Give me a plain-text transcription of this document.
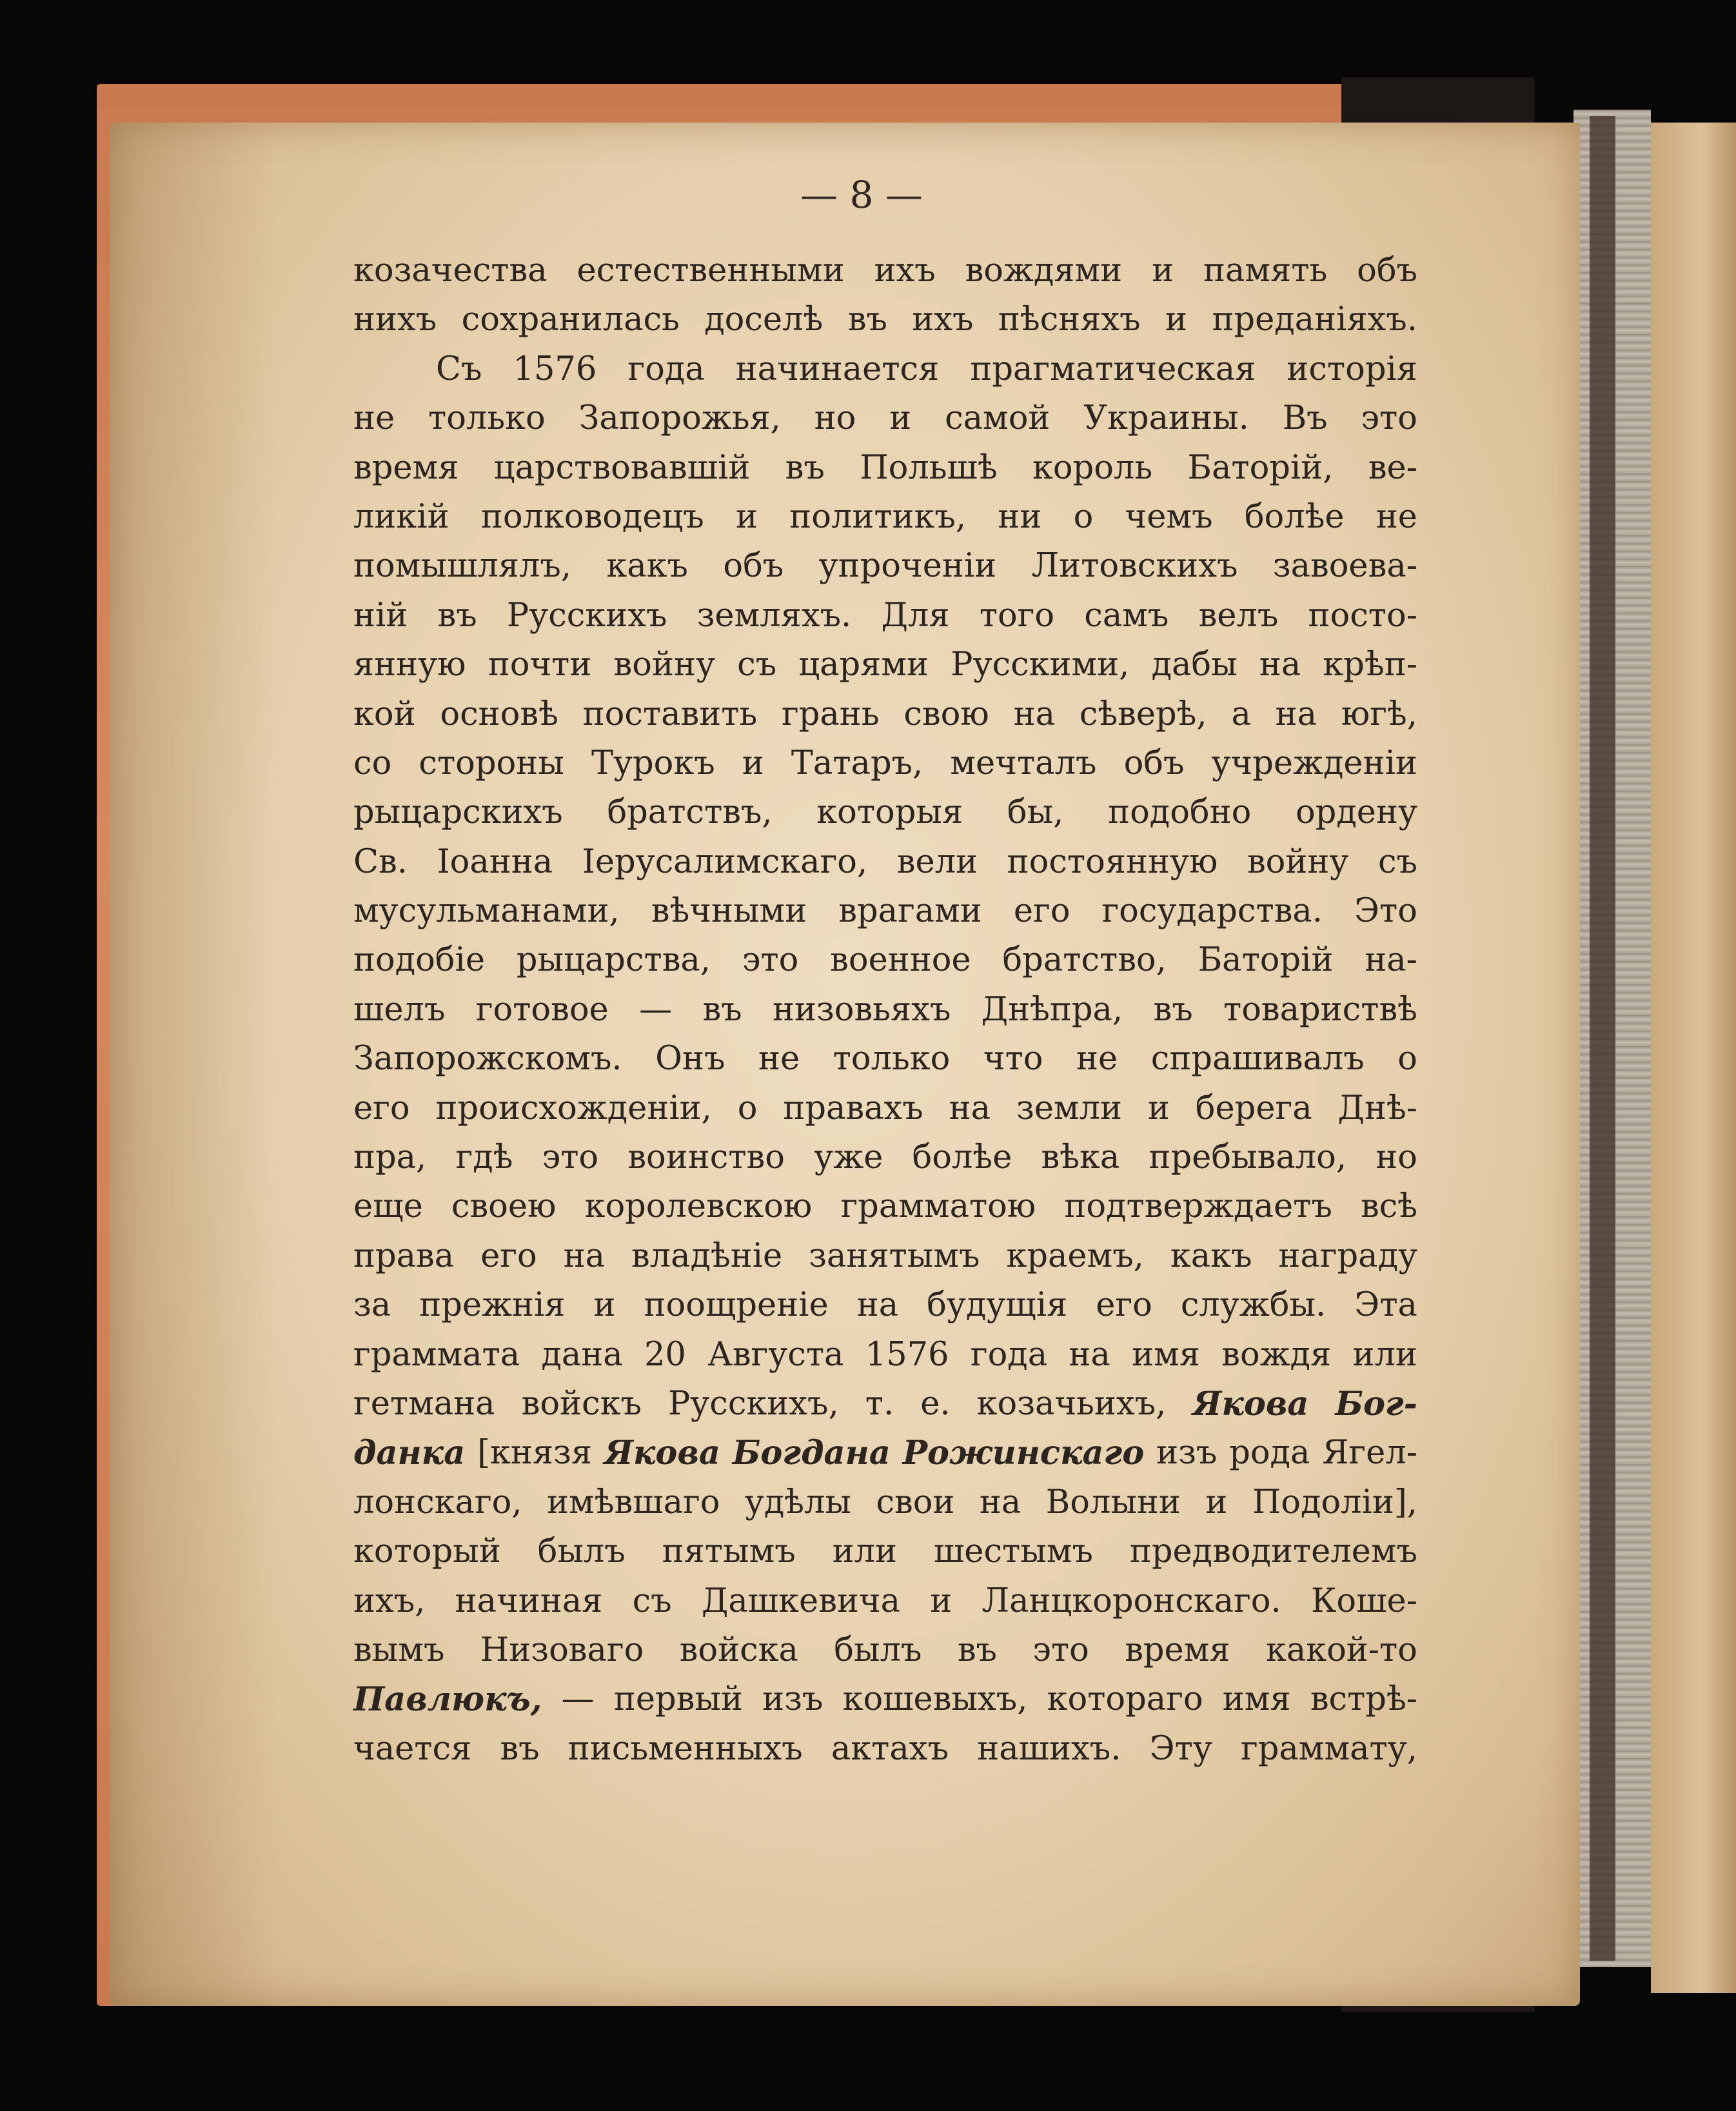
— 8 —
козачества естественными ихъ вождями и память объ
нихъ сохранилась доселѣ въ ихъ пѣсняхъ и преданіяхъ.
Съ 1576 года начинается прагматическая исторія
не только Запорожья, но и самой Украины. Въ это
время царствовавшій въ Польшѣ король Баторій, ве-
ликій полководецъ и политикъ, ни о чемъ болѣе не
помышлялъ, какъ объ упроченіи Литовскихъ завоева-
ній въ Русскихъ земляхъ. Для того самъ велъ посто-
янную почти войну съ царями Русскими, дабы на крѣп-
кой основѣ поставить грань свою на сѣверѣ, а на югѣ,
со стороны Турокъ и Татаръ, мечталъ объ учрежденіи
рыцарскихъ братствъ, которыя бы, подобно ордену
Св. Іоанна Іерусалимскаго, вели постоянную войну съ
мусульманами, вѣчными врагами его государства. Это
подобіе рыцарства, это военное братство, Баторій на-
шелъ готовое — въ низовьяхъ Днѣпра, въ товариствѣ
Запорожскомъ. Онъ не только что не спрашивалъ о
его происхожденіи, о правахъ на земли и берега Днѣ-
пра, гдѣ это воинство уже болѣе вѣка пребывало, но
еще своею королевскою грамматою подтверждаетъ всѣ
права его на владѣніе занятымъ краемъ, какъ награду
за прежнія и поощреніе на будущія его службы. Эта
граммата дана 20 Августа 1576 года на имя вождя или
гетмана войскъ Русскихъ, т. е. козачьихъ, Якова Бог-
данка [князя Якова Богдана Рожинскаго изъ рода Ягел-
лонскаго, имѣвшаго удѣлы свои на Волыни и Подоліи],
который былъ пятымъ или шестымъ предводителемъ
ихъ, начиная съ Дашкевича и Ланцкоронскаго. Коше-
вымъ Низоваго войска былъ въ это время какой-то
Павлюкъ, — первый изъ кошевыхъ, котораго имя встрѣ-
чается въ письменныхъ актахъ нашихъ. Эту граммату,
